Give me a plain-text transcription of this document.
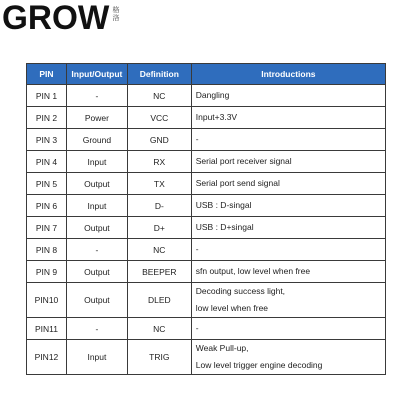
GROW 格
洛
PIN	Input/Output	Definition	Introductions
PIN 1	-	NC	Dangling

PIN 2	Power	VCC	Input+3.3V

PIN 3	Ground	GND	-

PIN 4	Input	RX	Serial port receiver signal

PIN 5	Output	TX	Serial port send signal

PIN 6	Input	D-	USB : D-singal

PIN 7	Output	D+	USB : D+singal

PIN 8	-	NC	-

PIN 9	Output	BEEPER	sfn output, low level when free

PIN10	Output	DLED	Decoding success light,
low level when free

PIN11	-	NC	-

PIN12	Input	TRIG	Weak Pull-up,
Low level trigger engine decoding
